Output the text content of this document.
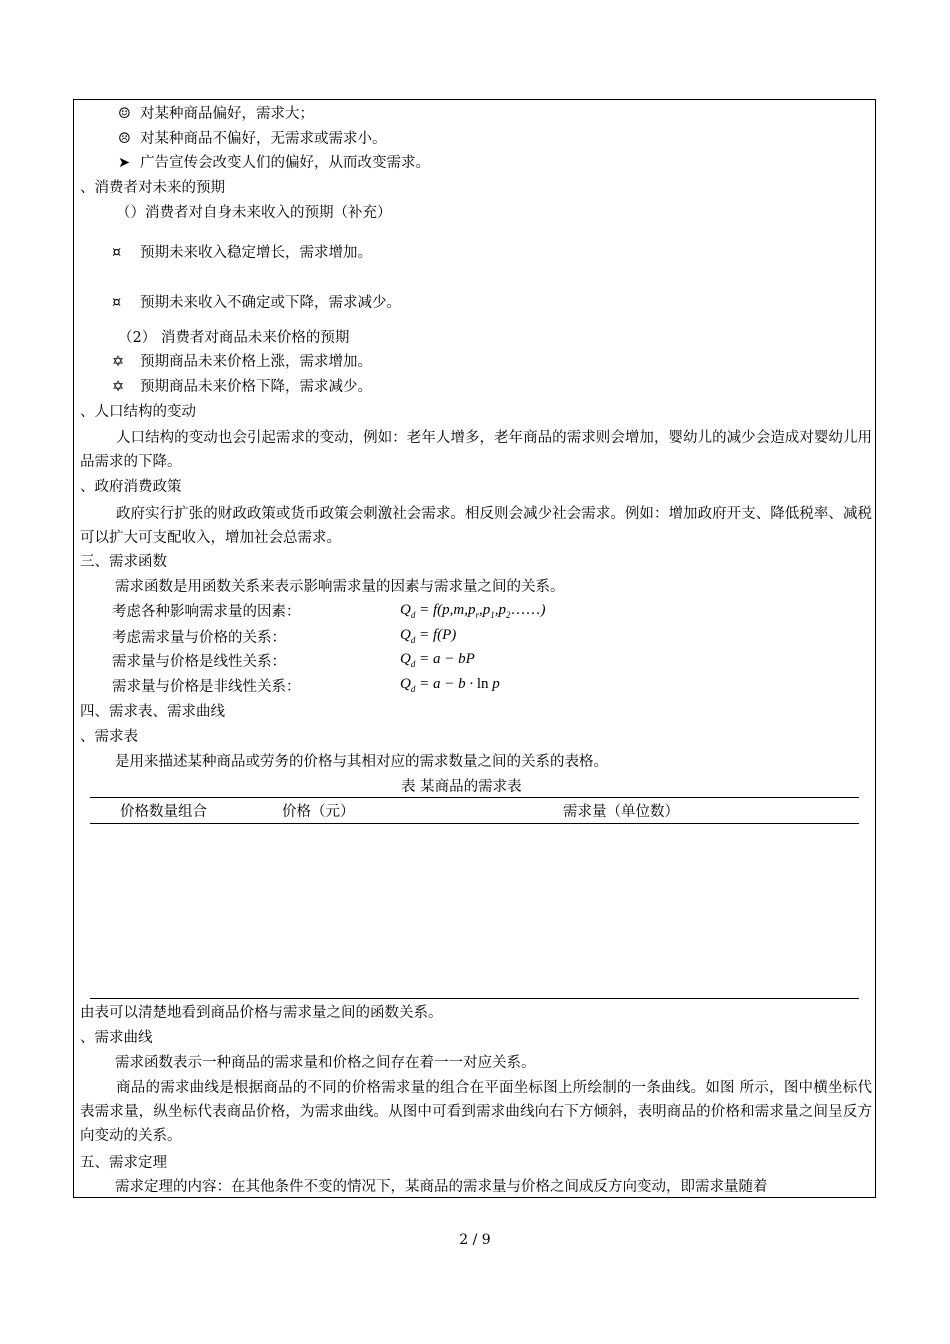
☺ 对某种商品偏好，需求大；
☹ 对某种商品不偏好，无需求或需求小。
➤ 广告宣传会改变人们的偏好，从而改变需求。
、消费者对未来的预期
（）消费者对自身未来收入的预期（补充）
¤ 预期未来收入稳定增长，需求增加。
¤ 预期未来收入不确定或下降，需求减少。
（2） 消费者对商品未来价格的预期
✡ 预期商品未来价格上涨，需求增加。
✡ 预期商品未来价格下降，需求减少。
、人口结构的变动
人口结构的变动也会引起需求的变动，例如：老年人增多，老年商品的需求则会增加，婴幼儿的减少会造成对婴幼儿用品需求的下降。
、政府消费政策
政府实行扩张的财政政策或货币政策会刺激社会需求。相反则会减少社会需求。例如：增加政府开支、降低税率、减税可以扩大可支配收入，增加社会总需求。
三、需求函数
需求函数是用函数关系来表示影响需求量的因素与需求量之间的关系。
考虑各种影响需求量的因素：	$Q_d$ = $f(p,m,p_r,p_1,p_2\dots\dots)$
考虑需求量与价格的关系：	$Q_d = f(P)$
需求量与价格是线性关系：	$Q_d = a$ − bP
需求量与价格是非线性关系：	$Q_d = a - b \cdot \ln p$
四、需求表、需求曲线
、需求表
是用来描述某种商品或劳务的价格与其相对应的需求数量之间的关系的表格。
表 某商品的需求表
价格数量组合	价格（元）	需求量（单位数）
由表可以清楚地看到商品价格与需求量之间的函数关系。
、需求曲线
需求函数表示一种商品的需求量和价格之间存在着一一对应关系。
商品的需求曲线是根据商品的不同的价格需求量的组合在平面坐标图上所绘制的一条曲线。如图 所示，图中横坐标代表需求量，纵坐标代表商品价格，为需求曲线。从图中可看到需求曲线向右下方倾斜，表明商品的价格和需求量之间呈反方向变动的关系。
五、需求定理
需求定理的内容：在其他条件不变的情况下，某商品的需求量与价格之间成反方向变动，即需求量随着
2 / 9
